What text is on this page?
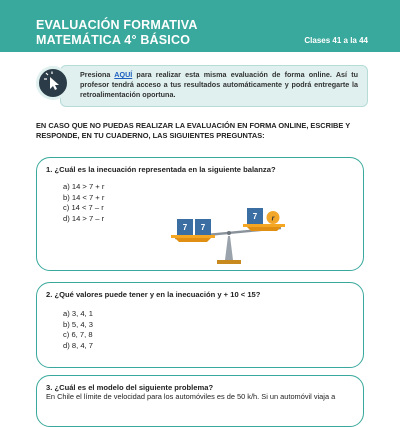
EVALUACIÓN FORMATIVA
MATEMÁTICA 4° BÁSICO	Clases 41 a la 44
Presiona AQUÍ para realizar esta misma evaluación de forma online. Así tu profesor tendrá acceso a tus resultados automáticamente y podrá entregarte la retroalimentación oportuna.
EN CASO QUE NO PUEDAS REALIZAR LA EVALUACIÓN EN FORMA ONLINE, ESCRIBE Y RESPONDE, EN TU CUADERNO, LAS SIGUIENTES PREGUNTAS:
1. ¿Cuál es la inecuación representada en la siguiente balanza?
a) 14 > 7 + r
b) 14 < 7 + r
c) 14 < 7 – r
d) 14 > 7 – r
7 7
7 r
2. ¿Qué valores puede tener y en la inecuación y + 10 < 15?
a) 3, 4, 1
b) 5, 4, 3
c) 6, 7, 8
d) 8, 4, 7
3. ¿Cuál es el modelo del siguiente problema?
En Chile el límite de velocidad para los automóviles es de 50 k/h. Si un automóvil viaja a
